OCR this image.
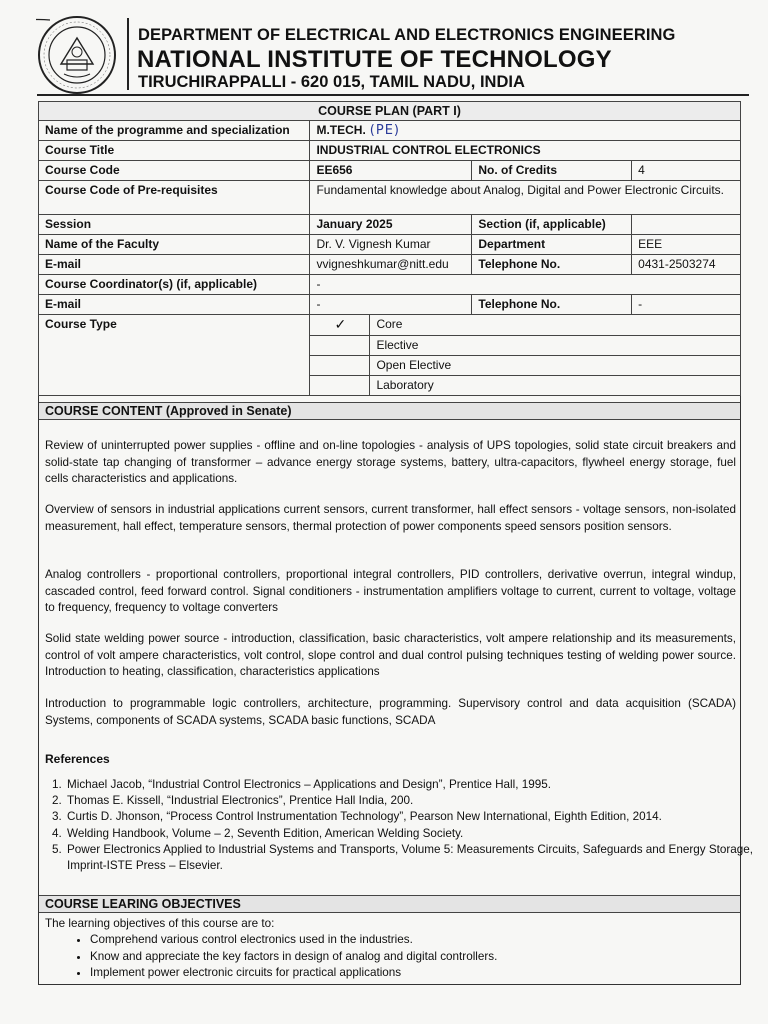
DEPARTMENT OF ELECTRICAL AND ELECTRONICS ENGINEERING
NATIONAL INSTITUTE OF TECHNOLOGY
TIRUCHIRAPPALLI - 620 015, TAMIL NADU, INDIA
COURSE PLAN (PART I)				
Name of the programme and specialization	M.TECH. (PE)			
Course Title	INDUSTRIAL CONTROL ELECTRONICS			
Course Code	EE656		No. of Credits	4
Course Code of Pre-requisites	Fundamental knowledge about Analog, Digital and Power Electronic Circuits.			
Session	January 2025		Section (if, applicable)	
Name of the Faculty	Dr. V. Vignesh Kumar		Department	EEE
E-mail	vvigneshkumar@nitt.edu		Telephone No.	0431-2503274
Course Coordinator(s) (if, applicable)	-			
E-mail	-		Telephone No.	-
Course Type	✓	Core		
		Elective		
		Open Elective		
		Laboratory		
COURSE CONTENT (Approved in Senate)
Review of uninterrupted power supplies - offline and on-line topologies - analysis of UPS topologies, solid state circuit breakers and solid-state tap changing of transformer – advance energy storage systems, battery, ultra-capacitors, flywheel energy storage, fuel cells characteristics and applications.
Overview of sensors in industrial applications current sensors, current transformer, hall effect sensors - voltage sensors, non-isolated measurement, hall effect, temperature sensors, thermal protection of power components speed sensors position sensors.
Analog controllers - proportional controllers, proportional integral controllers, PID controllers, derivative overrun, integral windup, cascaded control, feed forward control. Signal conditioners - instrumentation amplifiers voltage to current, current to voltage, voltage to frequency, frequency to voltage converters
Solid state welding power source - introduction, classification, basic characteristics, volt ampere relationship and its measurements, control of volt ampere characteristics, volt control, slope control and dual control pulsing techniques testing of welding power source. Introduction to heating, classification, characteristics applications
Introduction to programmable logic controllers, architecture, programming. Supervisory control and data acquisition (SCADA) Systems, components of SCADA systems, SCADA basic functions, SCADA
References
1. Michael Jacob, “Industrial Control Electronics – Applications and Design”, Prentice Hall, 1995.
2. Thomas E. Kissell, “Industrial Electronics”, Prentice Hall India, 200.
3. Curtis D. Jhonson, “Process Control Instrumentation Technology”, Pearson New International, Eighth Edition, 2014.
4. Welding Handbook, Volume – 2, Seventh Edition, American Welding Society.
5. Power Electronics Applied to Industrial Systems and Transports, Volume 5: Measurements Circuits, Safeguards and Energy Storage, Imprint-ISTE Press – Elsevier.
COURSE LEARING OBJECTIVES
The learning objectives of this course are to:
• Comprehend various control electronics used in the industries.
• Know and appreciate the key factors in design of analog and digital controllers.
• Implement power electronic circuits for practical applications
